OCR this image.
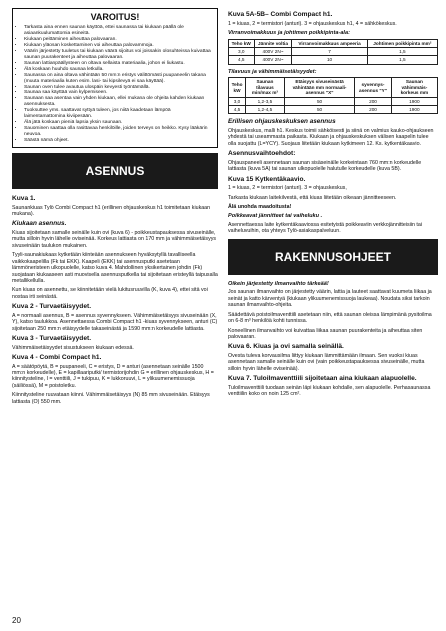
VAROITUS!
• Tarkasta aina ennen saunan käyttöä, ettei saunassa tai kiukaan päällä ole asiaankuulumattomia esineitä.
• Kiukaan peittäminen aiheuttaa palovaaran.
• Kiukaan yläosan koskettaminen voi aiheuttaa palovammoja.
• Väärin järjestetty tuuletus tai kiukaan väärä sijoitus voi joissakin olosuhteissa kuivattaa saunan puurakenteet ja aiheuttaa palovaaran.
• Saunan lattianpäällysteen on oltava sellaista materiaalia, johon ei liukastu.
• Älä koskaan huuhdo saunaa letkulla.
• Saunassa on aina oltava vähintään 50 mm:n eristys välittömästi puupaneelin takana (muuta materiaalia kuten esim. lasi- tai kipsilevyä ei saa käyttää).
• Saunan oven tulee avautua ulospäin kevyesti työntämällä.
• Saunaa saa käyttää vain kylpemiseen.
• Saunaan saa asentaa vain yhden kiukaan, ellei mukana ole ohjeita kahden kiukaan asennuksesta.
• Tuoksuttee yms. saattavat syttyä tuleen, jos niitä kaadetaan lämpöä laimentamattomina kiviipesään.
• Älä jätä koskaan pieniä lapsia yksin saunaan.
• Sauominen saattaa olla rasittavaa henkilöille, joiden terveys on heikko. Kysy lääkärin neuvoa.
• Säästä nämä ohjeet.
ASENNUS
Kuva 1.

Saunankiuas Tylö Combi Compact h1 (erillinen ohjauskeskus h1 toimitetaan kiukaan mukana).

Kiukaan asennus.

Kiuas sijoitetaan samalle seinälle kuin ovi (kuva 6) - poikkeustapauksessa sivuseinälle, mutta silloin hyvin lähelle oviseinää. Korkeus lattiasta on 170 mm ja vähimmäisetäisyys sivuseinään taulukon mukainen.

Tyyli-saunakiukaas kytketään kiinteään asennukseen hyväksytyllä tavalliseella vaikkokaapelilla (Fk tai EKK). Kaapeli (EKK) tai asennusputki asetetaan lämmöneristeen ulkopuolelle, katso kuva 4. Mahdollinen yksikertainen johdin (Fk) suojataan kiukaaseen asti muovisella asennusputkella tai sijoitetaan eristeyllä taipusalla metallikellulla.

Kun kiuas on asennettu, se kiinnitetään vielä lukitusruuvilla (K, kuva 4), ettei sitä voi nostaa irti seinästä.

Kuva 2 - Turvaetäisyydet.

A = normaali asennus, B = asennus syvennykseen. Vähimmäisetäisyys sivuseinään (X, Y), katso taulukkoa. Asennettaessa Combi Compact h1 -kiuas syvennykseen, anturi (C) sijoitetaan 250 mm:n etäisyydelle takaseinästä ja 1590 mm:n korkeudelle lattiasta.

Kuva 3 - Turvaetäisyydet.

Vähimmäisetäisyydet sisustukseen kiukaan edessä.

Kuva 4 - Combi Compact h1.

A = säätöpöytä, B = puupaneeli, C = eristys, D = anturi (asennetaan seinälle 1500 mm:n korkeudelle), E = kapillaariputki/ termistorijohdin G = erillinen ohjauskeskus, H = kiinnitysteline, I = venttiili, J = tukipuu, K = lukkoruuvi, L = ylikuumenemissuoja (säiliössä), M = poistoletku.

Kiinnitysteline ruuvataan kiinni. Vähimmäisetäisyys (N) 85 mm sivuseinään. Etäisyys lattiasta (O) 550 mm.

Kuva 5A-5B– Combi Compact h1.

1 = kiuas, 2 = termistori (anturi). 3 = ohjauskeskus h1, 4 = sähkökeskus.

Virranvoimakkuus ja johtimen poikkipinta-ala:
Teho kW	Jännite voltia	Virranvoimakkuus ampeeria	Johtimen poikkipinta mm²
3,0	400V 2N~	7	1,5
4,5	400V 2N~	10	1,5
Tilavuus ja vähimmäisetäisyydet:
Teho kW	Saunan tilavuus min/max m³	Etäisyys sivuseinästä vähintään mm normaali-asennus "X"	syvennys-asennus "Y"	Saunan vähimmäis-korkeus mm
3,0	1,2-3,5	50	200	1900
4,5	1,2-4,5	50	200	1900
Erillisen ohjauskeskuksen asennus

Ohjauskeskus, malli h1. Keskus toimii sähköisesti ja siinä on valmius kauko-ohjaukseen yhdestä tai useammasta paikasta. Kiukaan ja ohjauskeskuksen välisen kaapelin tulee olla suojattu (L=YCY). Suojaus liitetään kiukaan kytkimeen 12. Ks. kytkentäkaavio.

Asennusvaihtoehdot:

Ohjauspaneeli asennetaan saunan sisäseinälle korkeintaan 760 mm:n korkeudelle lattiasta (kuva 5A) tai saunan ulkopuolelle halutulle korkeudelle (kuva 5B).

Kuva 15 Kytkentäkaavio.

1 = kiuas, 2 = termistori (anturi). 3 = ohjauskeskus,

Tarkasta kiukaan laitekilvestä, että kiuas liitetään oikeaan jännitteeseen.

Älä unohda maadoitusta!

Poikkeavat jännitteet tai vaiheluku .

Asennettaessa laite kytkentäkaaviossa esitetyistä poikkeaviin verkkojännitteisiin tai vaiheluvuihin, ota yhteys Tylö-asiakaspalveluun.

RAKENNUSOHJEET
Oikein järjestetty ilmanvaihto tärkeää!

Jos saunan ilmanvaihto on järjestetty väärin, lattia ja lauteet saattavat kuumeta liikaa ja seinät ja katto kärventyä (kiukaan ylikuumenemissuoja laukeaa). Noudata siksi tarkoin saunan ilmanvaihto-ohjeita.

Säädettävä poistoilmaventtiili asetetaan niin, että saunan oleissa lämpimänä pysitoilma on 6-8 m³ henkilöä kohti tunnissa.

Koneellinen ilmanvaihto voi kuivattaa liikaa saunan puurakenteita ja aiheuttaa siten palovaaran.

Kuva 6. Kiuas ja ovi samalla seinällä.

Ovesta tuleva korvausilma liittyy kiukaan lämmittämään ilmaan. Sen vuoksi kiuas asennetaan samalle seinälle kuin ovi (vain poikkeustapauksessa sivuseinälle, mutta silloin hyvin lähelle oviseinää).

Kuva 7. Tuloilmaventtiili sijoitetaan aina kiukaan alapuolelle.

Tuloilmaventtiili tuodaan seinän läpi kiukaan kohdalle, sen alapuolelle. Perhasaunassa venttiilin koko on noin 125 cm².

20
